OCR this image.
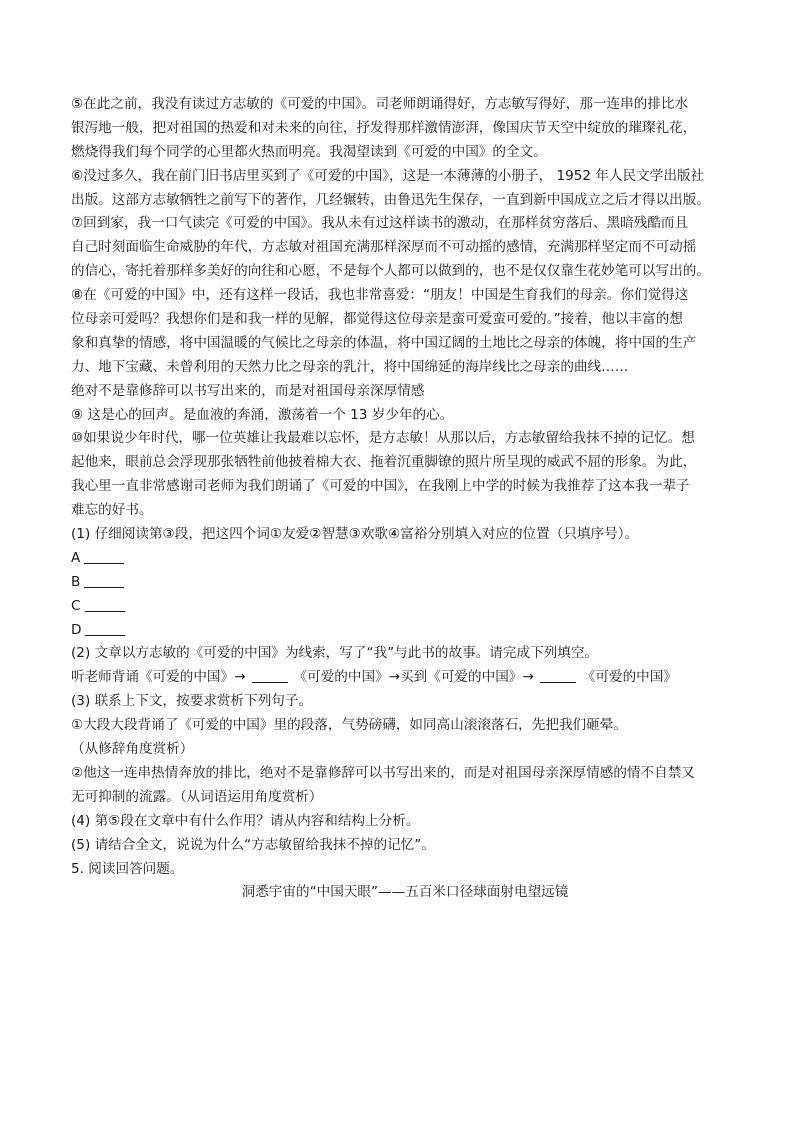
⑤在此之前，我没有读过方志敏的《可爱的中国》。司老师朗诵得好，方志敏写得好，那一连串的排比水
银泻地一般，把对祖国的热爱和对未来的向往，抒发得那样激情澎湃，像国庆节天空中绽放的璀璨礼花，
燃烧得我们每个同学的心里都火热而明亮。我渴望读到《可爱的中国》的全文。
⑥没过多久，我在前门旧书店里买到了《可爱的中国》，这是一本薄薄的小册子， 1952 年人民文学出版社
出版。这部方志敏牺牲之前写下的著作，几经辗转，由鲁迅先生保存，一直到新中国成立之后才得以出版。
⑦回到家，我一口气读完《可爱的中国》。我从未有过这样读书的激动，在那样贫穷落后、黑暗残酷而且
自己时刻面临生命威胁的年代，方志敏对祖国充满那样深厚而不可动摇的感情，充满那样坚定而不可动摇
的信心，寄托着那样多美好的向往和心愿，不是每个人都可以做到的，也不是仅仅靠生花妙笔可以写出的。
⑧在《可爱的中国》中，还有这样一段话，我也非常喜爱：“朋友！中国是生育我们的母亲。你们觉得这
位母亲可爱吗？我想你们是和我一样的见解，都觉得这位母亲是蛮可爱蛮可爱的。”接着，他以丰富的想
象和真挚的情感，将中国温暖的气候比之母亲的体温，将中国辽阔的土地比之母亲的体魄，将中国的生产
力、地下宝藏、未曾利用的天然力比之母亲的乳汁，将中国绵延的海岸线比之母亲的曲线……
绝对不是靠修辞可以书写出来的，而是对祖国母亲深厚情感
⑨ 这是心的回声。是血液的奔涌，激荡着一个 13 岁少年的心。
⑩如果说少年时代，哪一位英雄让我最难以忘怀，是方志敏！从那以后，方志敏留给我抹不掉的记忆。想
起他来，眼前总会浮现那张牺牲前他披着棉大衣、拖着沉重脚镣的照片所呈现的威武不屈的形象。为此，
我心里一直非常感谢司老师为我们朗诵了《可爱的中国》，在我刚上中学的时候为我推荐了这本我一辈子
难忘的好书。
(1) 仔细阅读第③段，把这四个词①友爱②智慧③欢歌④富裕分别填入对应的位置（只填序号）。
A
B
C
D
(2) 文章以方志敏的《可爱的中国》为线索，写了“我”与此书的故事。请完成下列填空。
听老师背诵《可爱的中国》→	《可爱的中国》→买到《可爱的中国》→	《可爱的中国》
(3) 联系上下文，按要求赏析下列句子。
①大段大段背诵了《可爱的中国》里的段落，气势磅礴，如同高山滚滚落石，先把我们砸晕。
（从修辞角度赏析）
②他这一连串热情奔放的排比，绝对不是靠修辞可以书写出来的，而是对祖国母亲深厚情感的情不自禁又
无可抑制的流露。（从词语运用角度赏析）
(4) 第⑤段在文章中有什么作用？请从内容和结构上分析。
(5) 请结合全文，说说为什么“方志敏留给我抹不掉的记忆”。
5. 阅读回答问题。
洞悉宇宙的“中国天眼”——五百米口径球面射电望远镜
